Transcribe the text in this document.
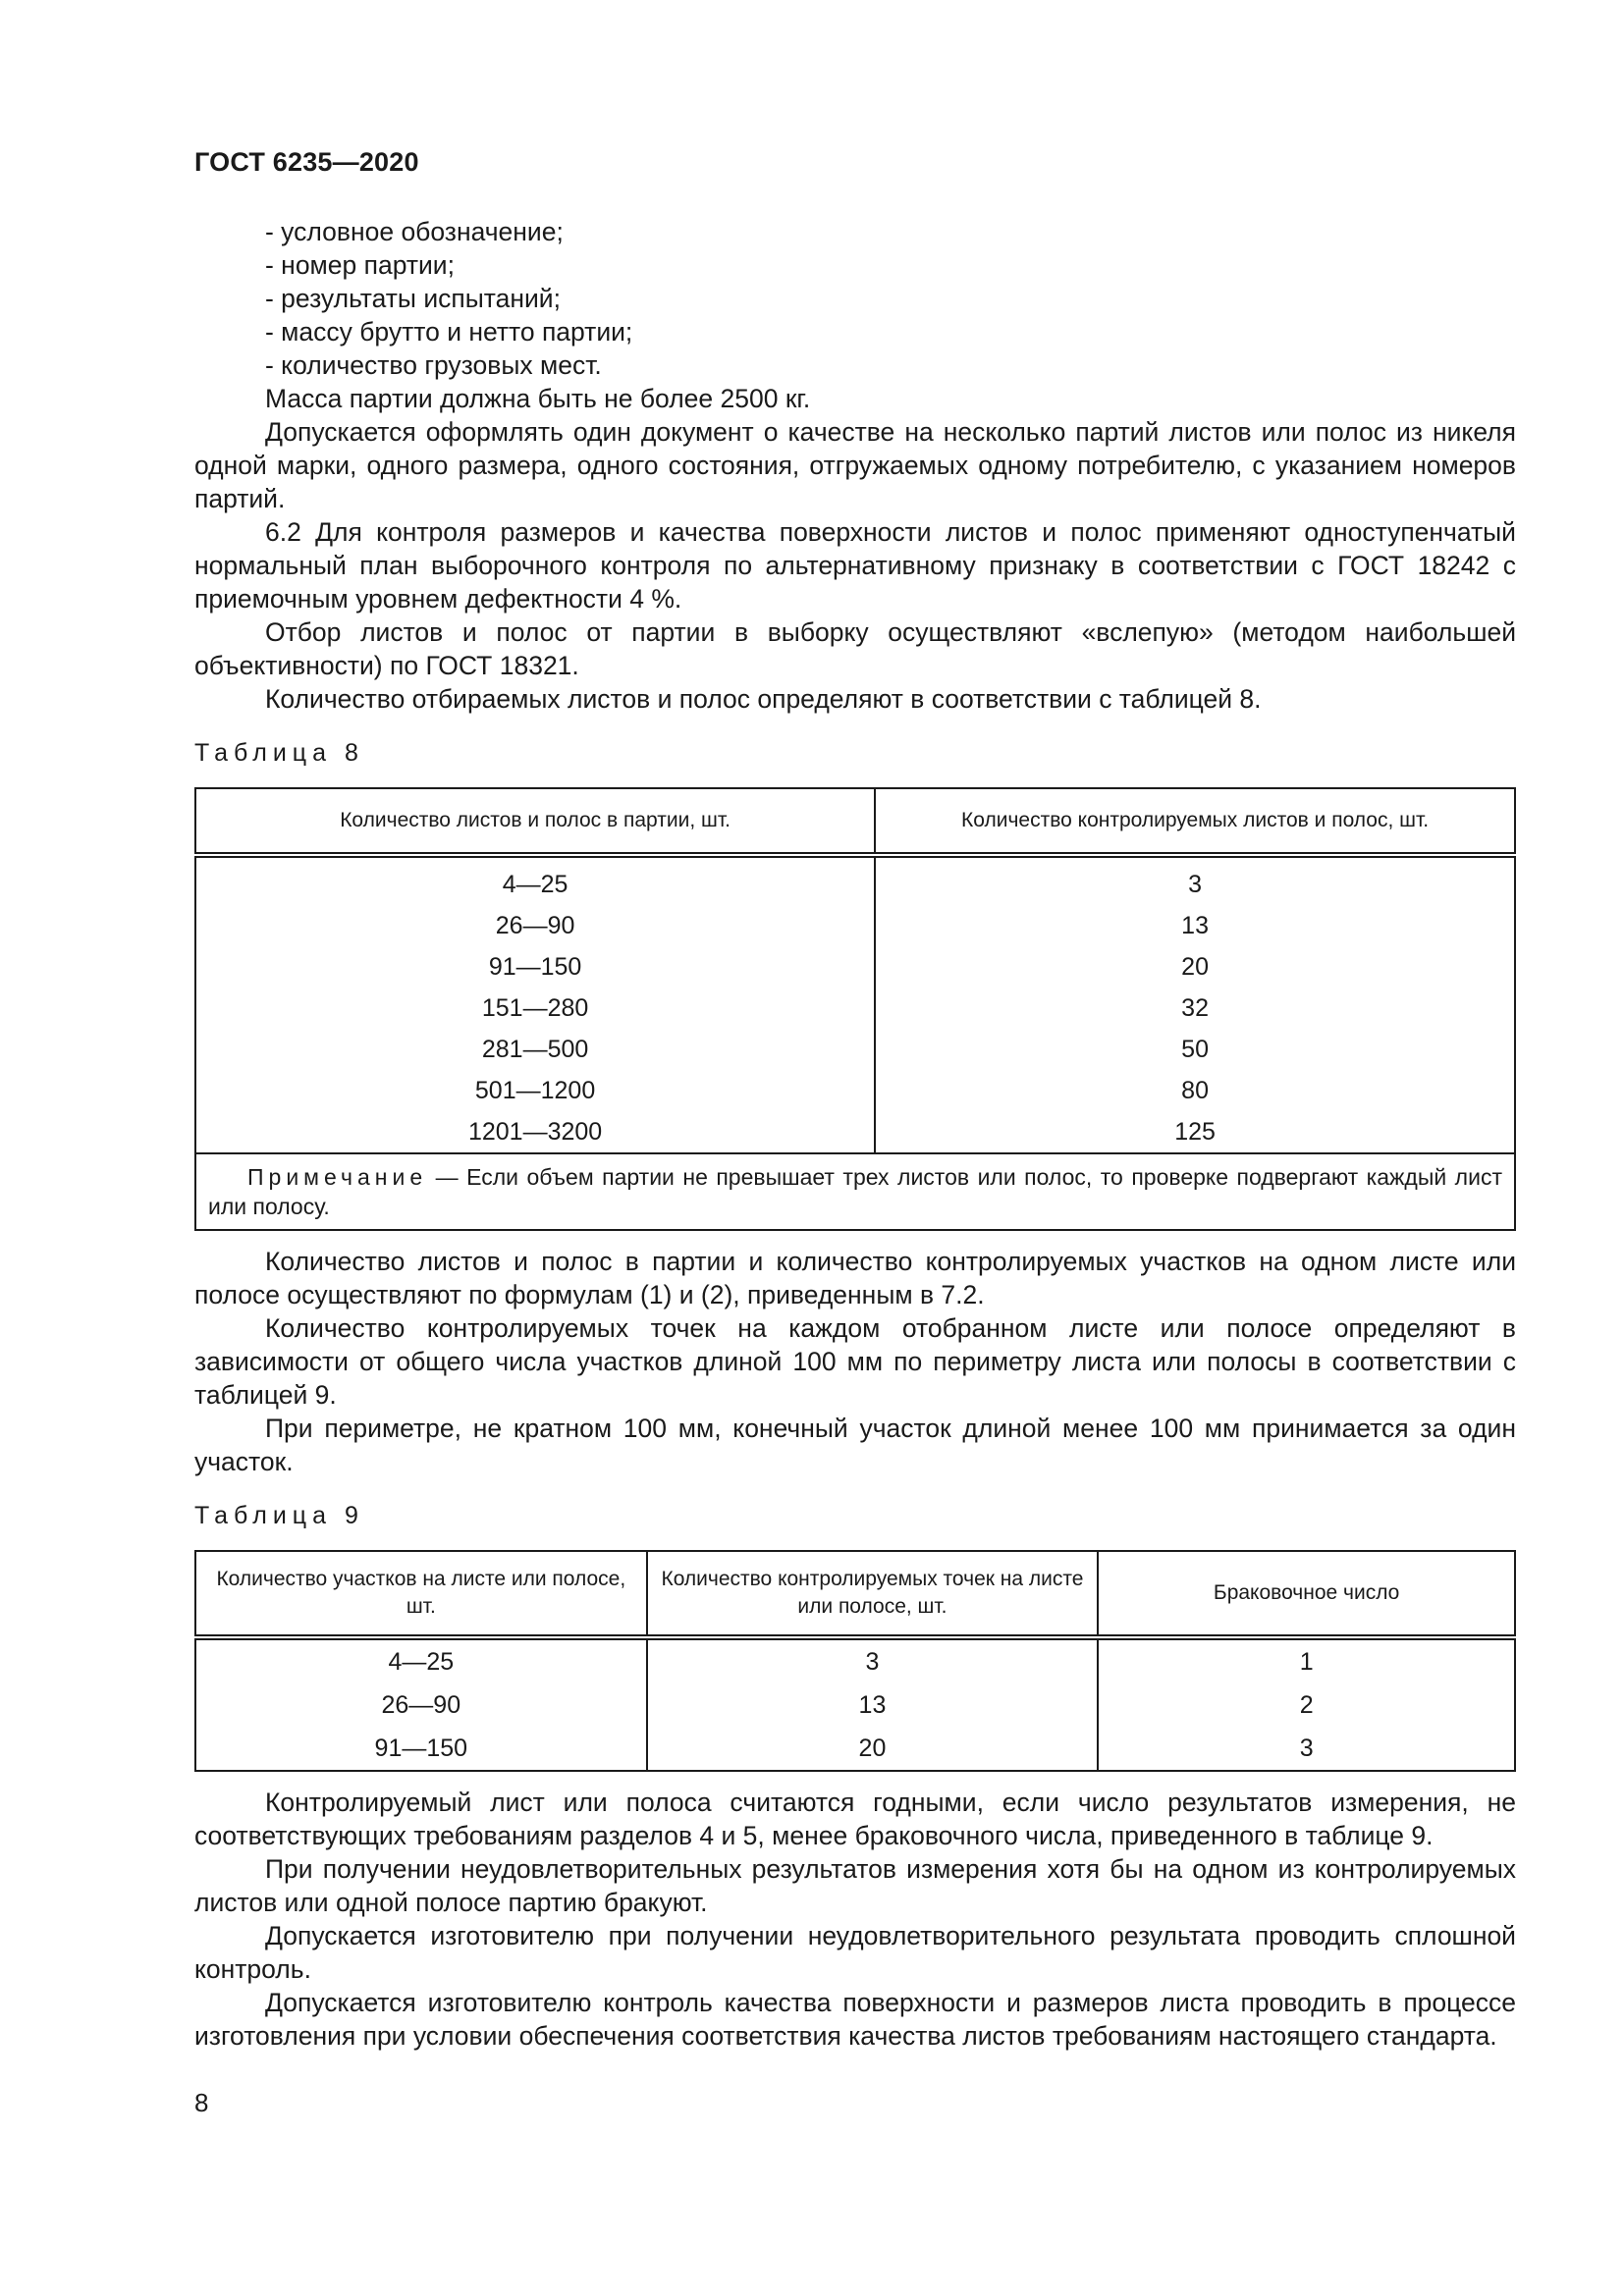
ГОСТ 6235—2020

- условное обозначение;

- номер партии;

- результаты испытаний;

- массу брутто и нетто партии;

- количество грузовых мест.

Масса партии должна быть не более 2500 кг.

Допускается оформлять один документ о качестве на несколько партий листов или полос из никеля одной марки, одного размера, одного состояния, отгружаемых одному потребителю, с указанием номеров партий.

6.2 Для контроля размеров и качества поверхности листов и полос применяют одноступенчатый нормальный план выборочного контроля по альтернативному признаку в соответствии с ГОСТ 18242 с приемочным уровнем дефектности 4 %.

Отбор листов и полос от партии в выборку осуществляют «вслепую» (методом наибольшей объективности) по ГОСТ 18321.

Количество отбираемых листов и полос определяют в соответствии с таблицей 8.

Таблица 8
Количество листов и полос в партии, шт.	Количество контролируемых листов и полос, шт.
4—25	3
26—90	13
91—150	20
151—280	32
281—500	50
501—1200	80
1201—3200	125
Примечание — Если объем партии не превышает трех листов или полос, то проверке подвергают каждый лист или полосу.	

Количество листов и полос в партии и количество контролируемых участков на одном листе или полосе осуществляют по формулам (1) и (2), приведенным в 7.2.

Количество контролируемых точек на каждом отобранном листе или полосе определяют в зависимости от общего числа участков длиной 100 мм по периметру листа или полосы в соответствии с таблицей 9.

При периметре, не кратном 100 мм, конечный участок длиной менее 100 мм принимается за один участок.

Таблица 9
Количество участков на листе или полосе, шт.	Количество контролируемых точек на листе или полосе, шт.	Браковочное число
4—25	3	1
26—90	13	2
91—150	20	3

Контролируемый лист или полоса считаются годными, если число результатов измерения, не соответствующих требованиям разделов 4 и 5, менее браковочного числа, приведенного в таблице 9.

При получении неудовлетворительных результатов измерения хотя бы на одном из контролируемых листов или одной полосе партию бракуют.

Допускается изготовителю при получении неудовлетворительного результата проводить сплошной контроль.

Допускается изготовителю контроль качества поверхности и размеров листа проводить в процессе изготовления при условии обеспечения соответствия качества листов требованиям настоящего стандарта.

8
